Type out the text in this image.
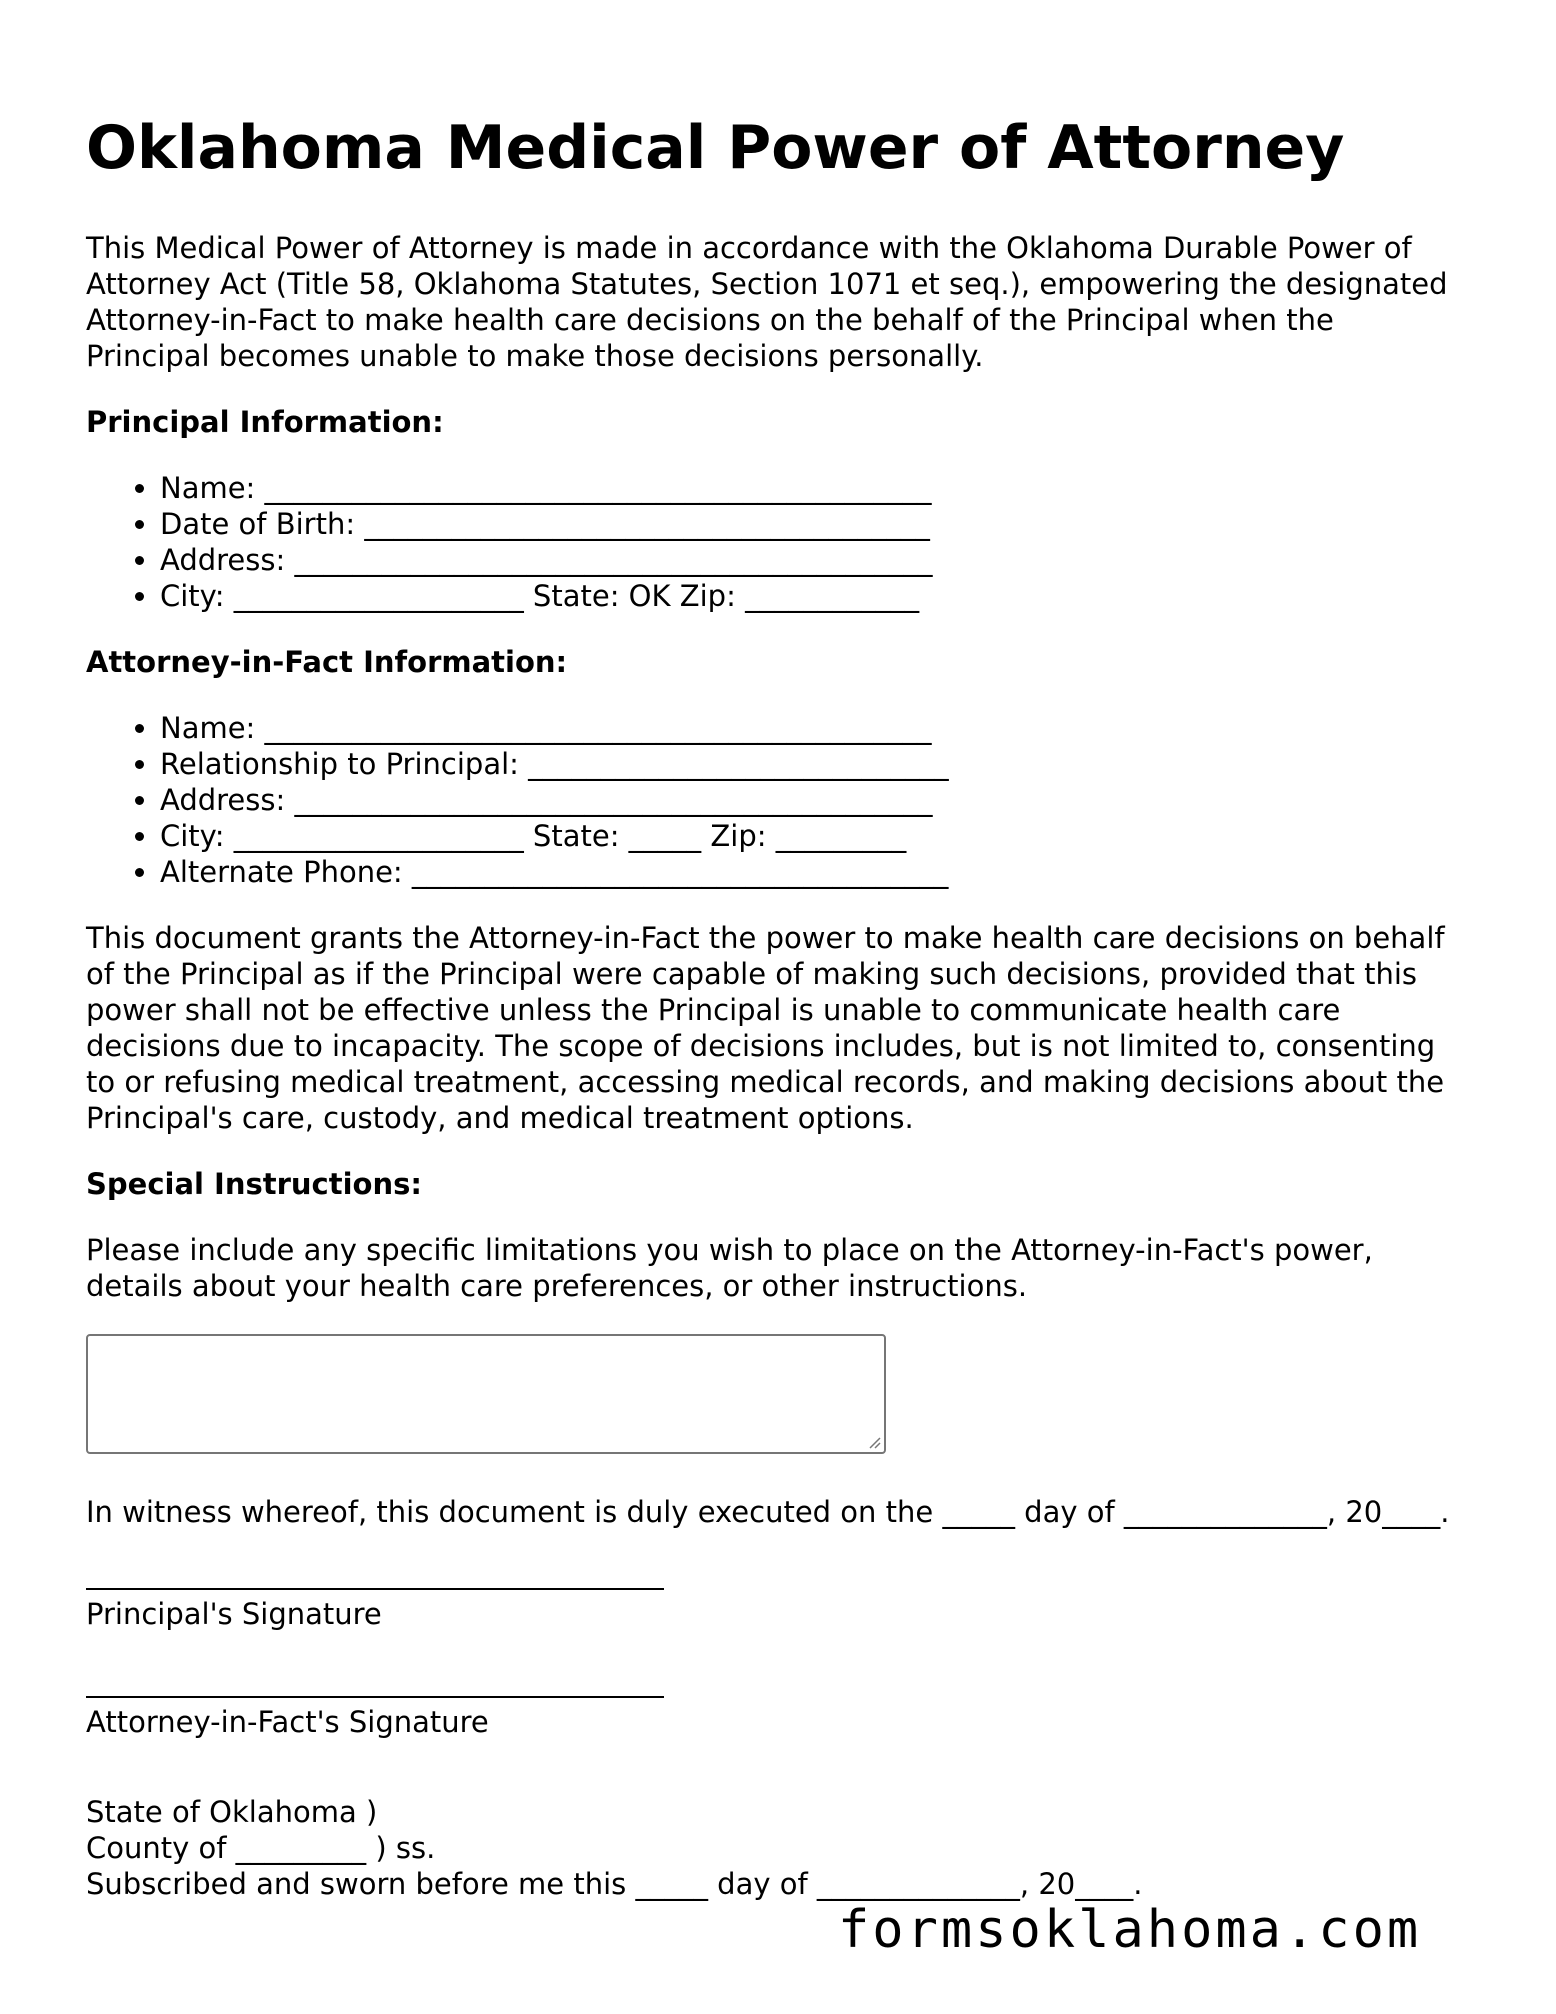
Oklahoma Medical Power of Attorney

This Medical Power of Attorney is made in accordance with the Oklahoma Durable Power of Attorney Act (Title 58, Oklahoma Statutes, Section 1071 et seq.), empowering the designated Attorney-in-Fact to make health care decisions on the behalf of the Principal when the Principal becomes unable to make those decisions personally.

Principal Information:
• Name: ______________________________________________
• Date of Birth: _______________________________________
• Address: ____________________________________________
• City: ____________________ State: OK Zip: ____________
Attorney-in-Fact Information:
• Name: ______________________________________________
• Relationship to Principal: _____________________________
• Address: ____________________________________________
• City: ____________________ State: _____ Zip: _________
• Alternate Phone: _____________________________________

This document grants the Attorney-in-Fact the power to make health care decisions on behalf of the Principal as if the Principal were capable of making such decisions, provided that this power shall not be effective unless the Principal is unable to communicate health care decisions due to incapacity. The scope of decisions includes, but is not limited to, consenting to or refusing medical treatment, accessing medical records, and making decisions about the Principal's care, custody, and medical treatment options.

Special Instructions:

Please include any specific limitations you wish to place on the Attorney-in-Fact's power, details about your health care preferences, or other instructions.

In witness whereof, this document is duly executed on the _____ day of ______________, 20____.

Principal's Signature
Attorney-in-Fact's Signature
State of Oklahoma )
County of _________ ) ss.
Subscribed and sworn before me this _____ day of ______________, 20____.
formsoklahoma.com
